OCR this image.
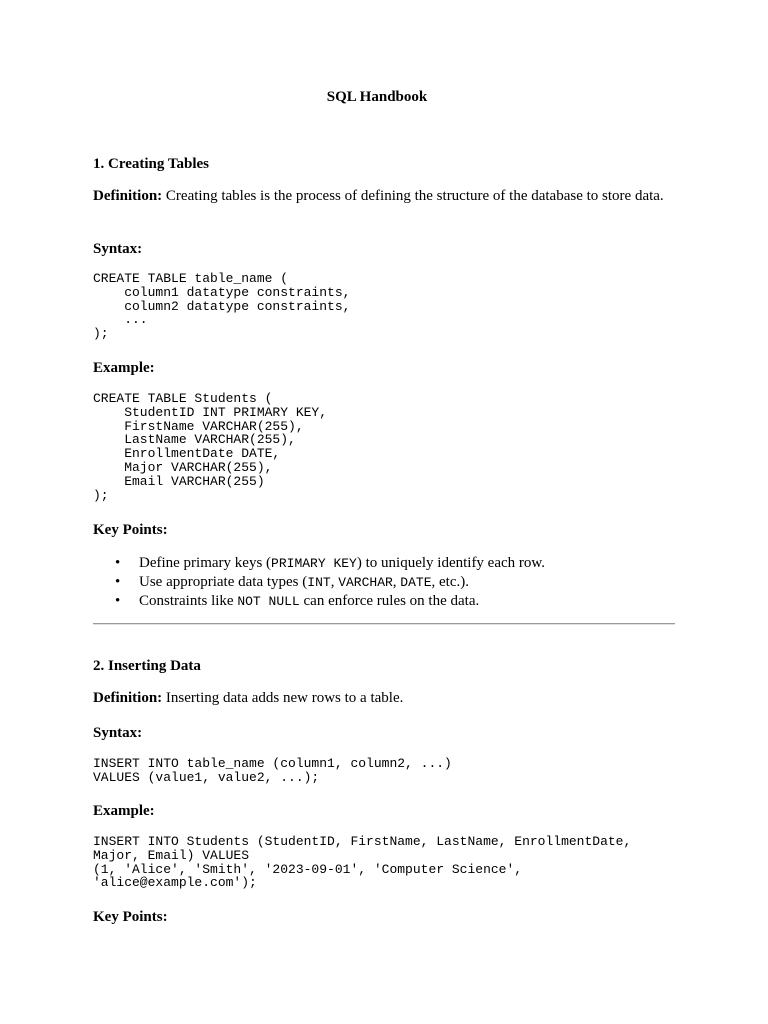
SQL Handbook
1. Creating Tables

Definition: Creating tables is the process of defining the structure of the database to store data.

Syntax:
CREATE TABLE table_name (
column1 datatype constraints,
column2 datatype constraints,
...
);
Example:
CREATE TABLE Students (
StudentID INT PRIMARY KEY,
FirstName VARCHAR(255),
LastName VARCHAR(255),
EnrollmentDate DATE,
Major VARCHAR(255),
Email VARCHAR(255)
);
Key Points:
• Define primary keys (PRIMARY KEY) to uniquely identify each row.
• Use appropriate data types (INT, VARCHAR, DATE, etc.).
• Constraints like NOT NULL can enforce rules on the data.
2. Inserting Data

Definition: Inserting data adds new rows to a table.

Syntax:
INSERT INTO table_name (column1, column2, ...)
VALUES (value1, value2, ...);
Example:
INSERT INTO Students (StudentID, FirstName, LastName, EnrollmentDate,
Major, Email) VALUES
(1, 'Alice', 'Smith', '2023-09-01', 'Computer Science',
'alice@example.com');
Key Points:
